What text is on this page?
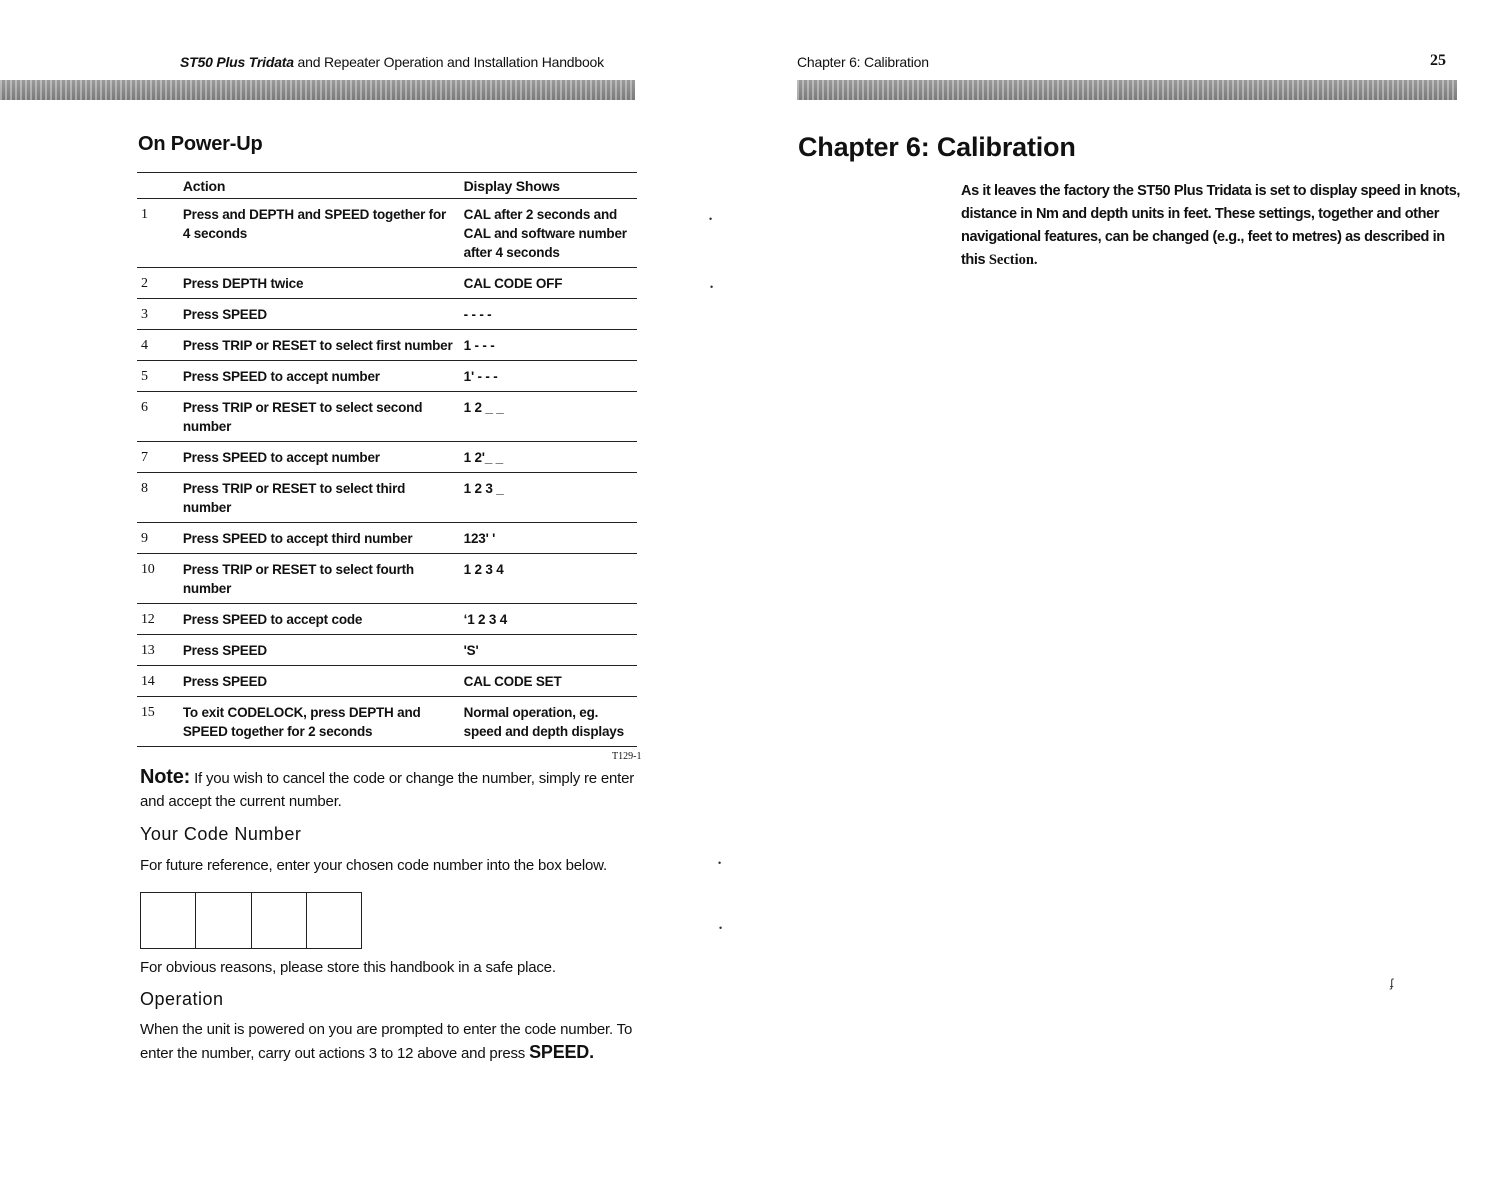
ST50 Plus Tridata and Repeater Operation and Installation Handbook
On Power-Up
	Action	Display Shows
1	Press and DEPTH and SPEED together for 4 seconds	CAL after 2 seconds and CAL and software number after 4 seconds
2	Press DEPTH twice	CAL CODE OFF
3	Press SPEED	- - - -
4	Press TRIP or RESET to select first number	1 - - -
5	Press SPEED to accept number	1' - - -
6	Press TRIP or RESET to select second number	1 2 _ _
7	Press SPEED to accept number	1 2'_ _
8	Press TRIP or RESET to select third number	1 2 3 _
9	Press SPEED to accept third number	123' '
10	Press TRIP or RESET to select fourth number	1 2 3 4
12	Press SPEED to accept code	‘1 2 3 4
13	Press SPEED	'S'
14	Press SPEED	CAL CODE SET
15	To exit CODELOCK, press DEPTH and SPEED together for 2 seconds	Normal operation, eg. speed and depth displays
T129-1
Note: If you wish to cancel the code or change the number, simply re enter and accept the current number.
Your Code Number
For future reference, enter your chosen code number into the box below.
For obvious reasons, please store this handbook in a safe place.
Operation
When the unit is powered on you are prompted to enter the code number. To enter the number, carry out actions 3 to 12 above and press SPEED.
•
•
•
•
Chapter 6: Calibration	25
Chapter 6: Calibration
As it leaves the factory the ST50 Plus Tridata is set to display speed in knots, distance in Nm and depth units in feet. These settings, together and other navigational features, can be changed (e.g., feet to metres) as described in this Section.
ʄ
